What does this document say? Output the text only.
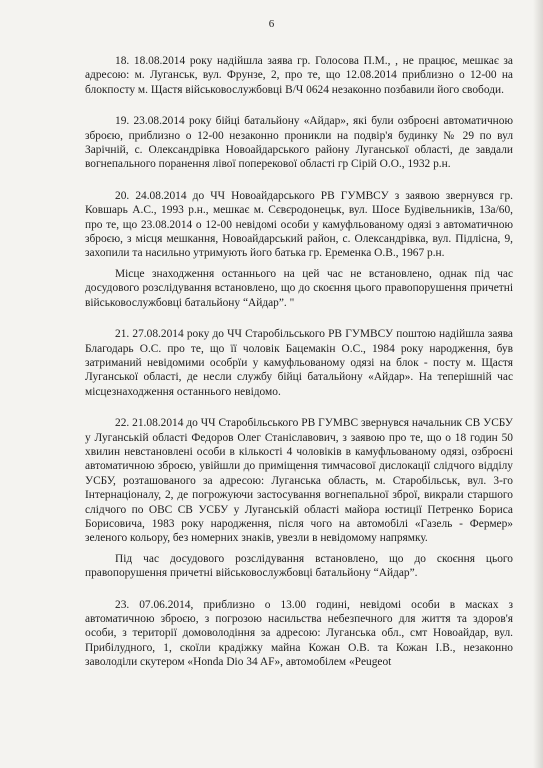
6

18. 18.08.2014 року надійшла заява гр. Голосова П.М., , не працює, мешкає за адресою: м. Луганськ, вул. Фрунзе, 2, про те, що 12.08.2014 приблизно о 12-00 на блокпосту м. Щастя військовослужбовці В/Ч 0624 незаконно позбавили його свободи.

19. 23.08.2014 року бійці батальйону «Айдар», які були озброєні автоматичною зброєю, приблизно о 12-00 незаконно проникли на подвір'я будинку № 29 по вул Зарічній, с. Олександрівка Новоайдарського району Луганської області, де завдали вогнепального поранення лівої поперекової області гр Сірій О.О., 1932 р.н.

20. 24.08.2014 до ЧЧ Новоайдарського РВ ГУМВСУ з заявою звернувся гр. Ковшарь А.С., 1993 р.н., мешкає м. Сєвєродонецьк, вул. Шосе Будівельників, 13а/60, про те, що 23.08.2014 о 12-00 невідомі особи у камуфльованому одязі з автоматичною зброєю, з місця мешкання, Новоайдарський район, с. Олександрівка, вул. Підлісна, 9, захопили та насильно утримують його батька гр. Еременка О.В., 1967 р.н.

Місце знаходження останнього на цей час не встановлено, однак під час досудового розслідування встановлено, що до скоєння цього правопорушення причетні військовослужбовці батальйону “Айдар”. "

21. 27.08.2014 року до ЧЧ Старобільського РВ ГУМВСУ поштою надійшла заява Благодарь О.С. про те, що її чоловік Бацемакін О.С., 1984 року народження, був затриманий невідомими особрїи у камуфльованому одязі на блок - посту м. Щастя Луганської області, де несли службу бійці батальйону «Айдар». На теперішній час місцезнаходження останнього невідомо.

22. 21.08.2014 до ЧЧ Старобільського РВ ГУМВС звернувся начальник СВ УСБУ у Луганській області Федоров Олег Станіславович, з заявою про те, що о 18 годин 50 хвилин невстановлені особи в кількості 4 чоловіків в камуфльованому одязі, озброєні автоматичною зброєю, увійшли до приміщення тимчасової дислокації слідчого відділу УСБУ, розташованого за адресою: Луганська область, м. Старобільськ, вул. 3-го Інтернаціоналу, 2, де погрожуючи застосування вогнепальної зброї, викрали старшого слідчого по ОВС СВ УСБУ у Луганській області майора юстиції Петренко Бориса Борисовича, 1983 року народження, після чого на автомобілі «Газель - Фермер» зеленого кольору, без номерних знаків, увезли в невідомому напрямку.

Під час досудового розслідування встановлено, що до скоєння цього правопорушення причетні військовослужбовці батальйону “Айдар”.

23. 07.06.2014, приблизно о 13.00 годині, невідомі особи в масках з автоматичною зброєю, з погрозою насильства небезпечного для життя та здоров'я особи, з території домоволодіння за адресою: Луганська обл., смт Новоайдар, вул. Прибілудного, 1, скоїли крадіжку майна Кожан О.В. та Кожан І.В., незаконно заволоділи скутером «Honda Dio 34 AF», автомобілем «Peugeot
